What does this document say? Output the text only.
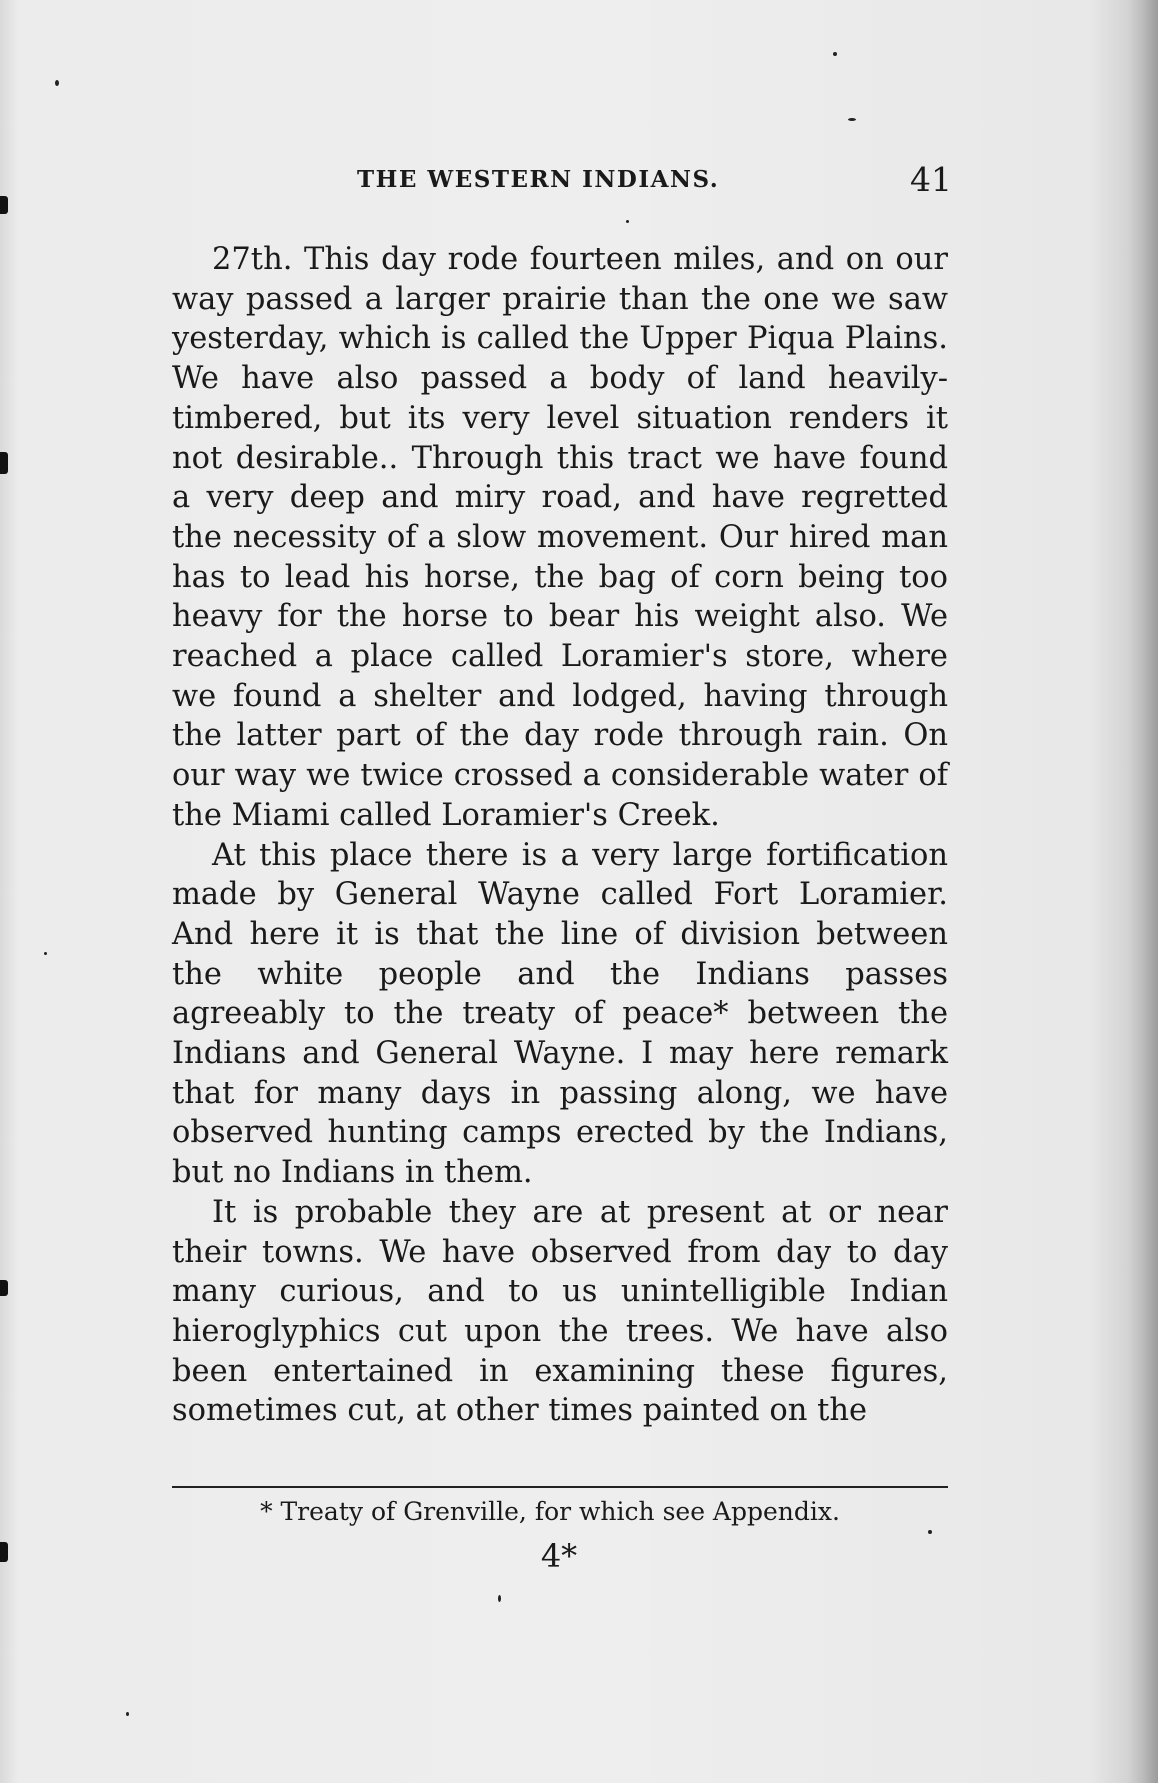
THE WESTERN INDIANS.	41

27th. This day rode fourteen miles, and on our way passed a larger prairie than the one we saw yesterday, which is called the Upper Piqua Plains. We have also passed a body of land heavily-timbered, but its very level situation renders it not desirable.. Through this tract we have found a very deep and miry road, and have regretted the necessity of a slow movement. Our hired man has to lead his horse, the bag of corn being too heavy for the horse to bear his weight also. We reached a place called Loramier's store, where we found a shelter and lodged, having through the latter part of the day rode through rain. On our way we twice crossed a considerable water of the Miami called Loramier's Creek.

At this place there is a very large fortification made by General Wayne called Fort Loramier. And here it is that the line of division between the white people and the Indians passes agreeably to the treaty of peace* between the Indians and General Wayne. I may here remark that for many days in passing along, we have observed hunting camps erected by the Indians, but no Indians in them.

It is probable they are at present at or near their towns. We have observed from day to day many curious, and to us unintelligible Indian hieroglyphics cut upon the trees. We have also been entertained in examining these figures, sometimes cut, at other times painted on the

* Treaty of Grenville, for which see Appendix.
4*
